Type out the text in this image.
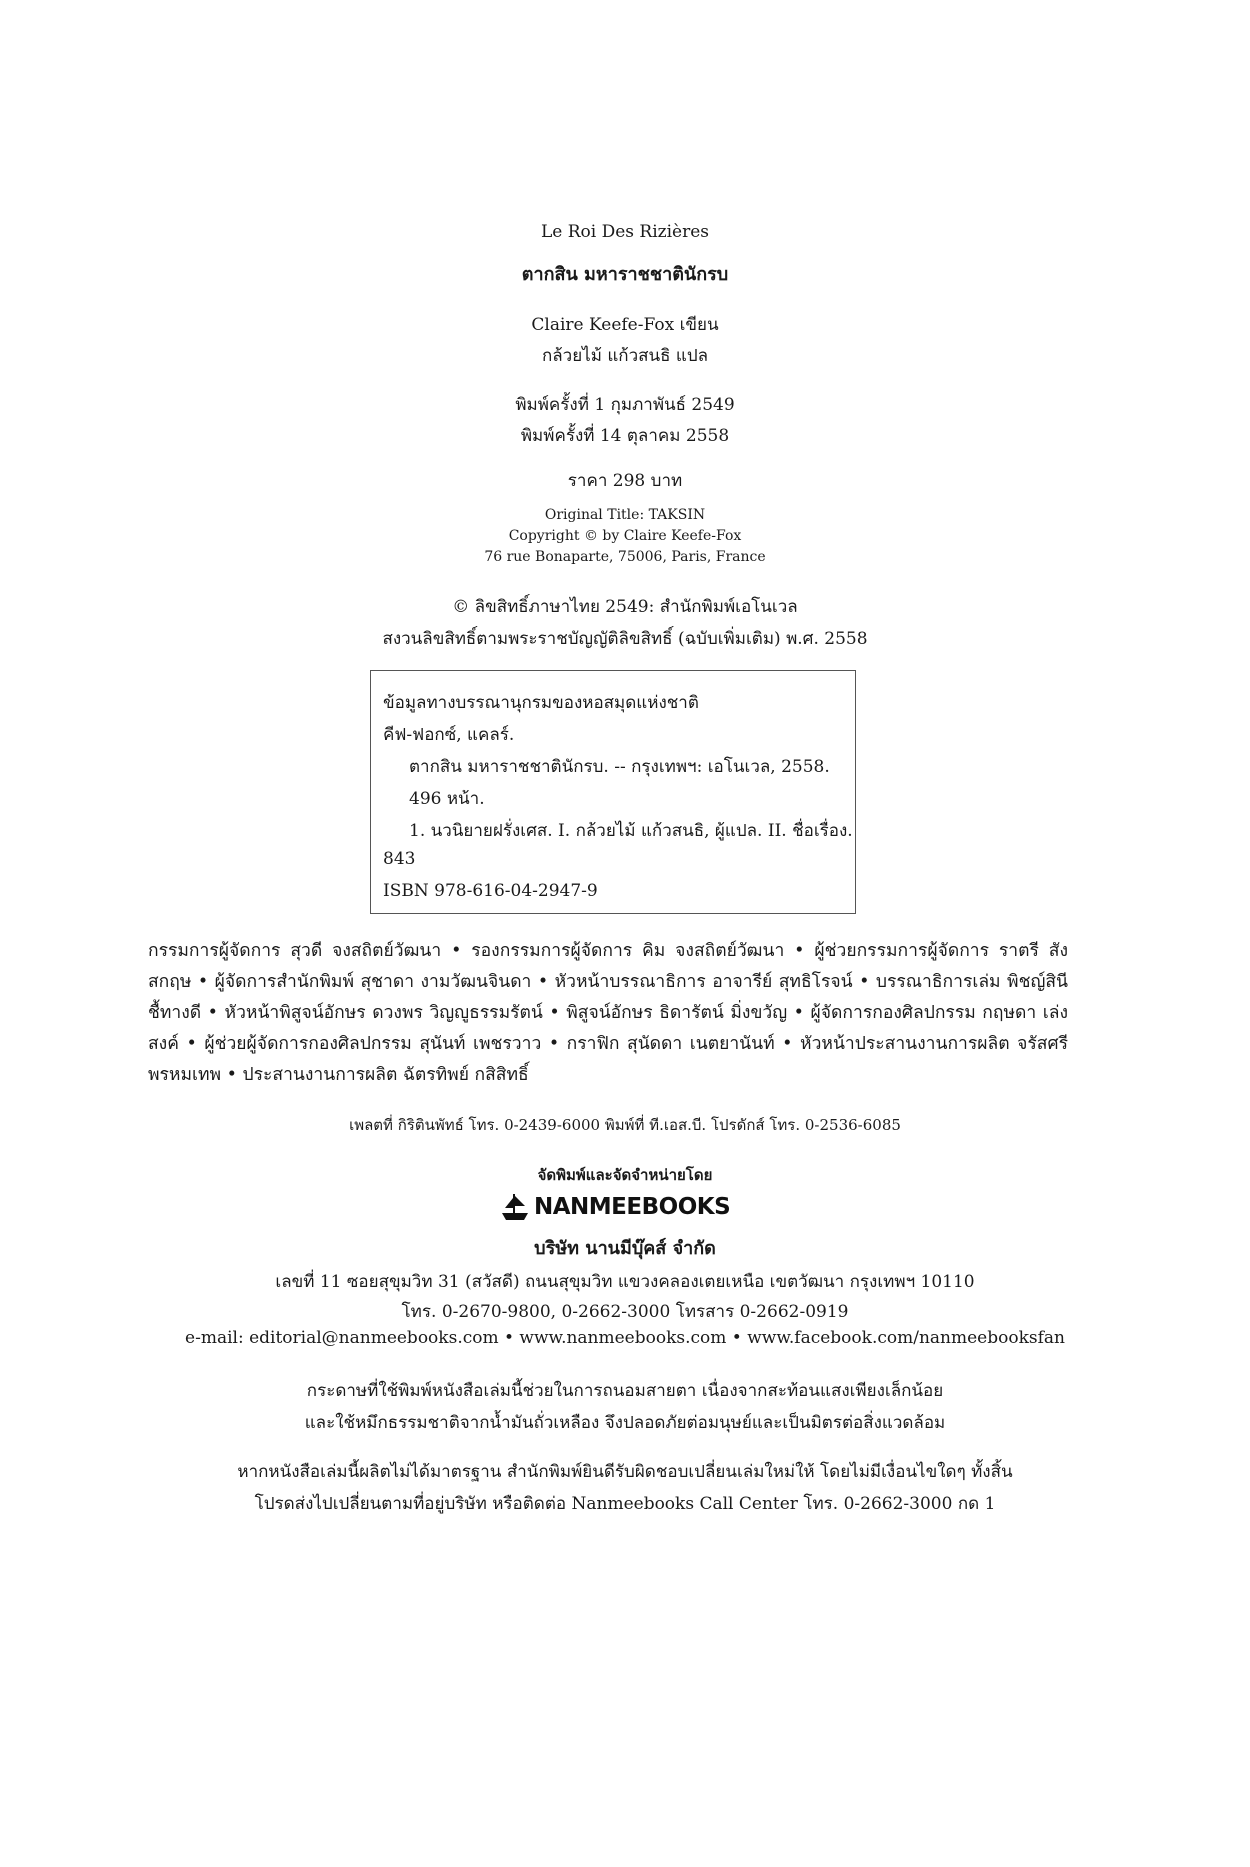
Le Roi Des Rizières
ตากสิน มหาราชชาตินักรบ
Claire Keefe-Fox เขียน
กล้วยไม้ แก้วสนธิ แปล
พิมพ์ครั้งที่ 1 กุมภาพันธ์ 2549
พิมพ์ครั้งที่ 14 ตุลาคม 2558
ราคา 298 บาท
Original Title: TAKSIN
Copyright © by Claire Keefe-Fox
76 rue Bonaparte, 75006, Paris, France
© ลิขสิทธิ์ภาษาไทย 2549: สำนักพิมพ์เอโนเวล
สงวนลิขสิทธิ์ตามพระราชบัญญัติลิขสิทธิ์ (ฉบับเพิ่มเติม) พ.ศ. 2558
ข้อมูลทางบรรณานุกรมของหอสมุดแห่งชาติ
คีฟ-ฟอกซ์, แคลร์.
ตากสิน มหาราชชาตินักรบ. -- กรุงเทพฯ: เอโนเวล, 2558.
496 หน้า.
1. นวนิยายฝรั่งเศส. I. กล้วยไม้ แก้วสนธิ, ผู้แปล. II. ชื่อเรื่อง.
843
ISBN 978-616-04-2947-9
กรรมการผู้จัดการ สุวดี จงสถิตย์วัฒนา • รองกรรมการผู้จัดการ คิม จงสถิตย์วัฒนา • ผู้ช่วยกรรมการผู้จัดการ ราตรี สังสกฤษ • ผู้จัดการสำนักพิมพ์ สุชาดา งามวัฒนจินดา • หัวหน้าบรรณาธิการ อาจารีย์ สุทธิโรจน์ • บรรณาธิการเล่ม พิชญ์สินี ชื้ทางดี • หัวหน้าพิสูจน์อักษร ดวงพร วิญญูธรรมรัตน์ • พิสูจน์อักษร ธิดารัตน์ มิ่งขวัญ • ผู้จัดการกองศิลปกรรม กฤษดา เล่งสงค์ • ผู้ช่วยผู้จัดการกองศิลปกรรม สุนันท์ เพชรวาว • กราฟิก สุนัดดา เนตยานันท์ • หัวหน้าประสานงานการผลิต จรัสศรี พรหมเทพ • ประสานงานการผลิต ฉัตรทิพย์ กสิสิทธิ์
เพลตที่ กิริตินพัทธ์ โทร. 0-2439-6000 พิมพ์ที่ ที.เอส.บี. โปรดักส์ โทร. 0-2536-6085
จัดพิมพ์และจัดจำหน่ายโดย
NANMEEBOOKS
บริษัท นานมีบุ๊คส์ จำกัด
เลขที่ 11 ซอยสุขุมวิท 31 (สวัสดี) ถนนสุขุมวิท แขวงคลองเตยเหนือ เขตวัฒนา กรุงเทพฯ 10110
โทร. 0-2670-9800, 0-2662-3000 โทรสาร 0-2662-0919
e-mail: editorial@nanmeebooks.com • www.nanmeebooks.com • www.facebook.com/nanmeebooksfan
กระดาษที่ใช้พิมพ์หนังสือเล่มนี้ช่วยในการถนอมสายตา เนื่องจากสะท้อนแสงเพียงเล็กน้อย
และใช้หมึกธรรมชาติจากน้ำมันถั่วเหลือง จึงปลอดภัยต่อมนุษย์และเป็นมิตรต่อสิ่งแวดล้อม
หากหนังสือเล่มนี้ผลิตไม่ได้มาตรฐาน สำนักพิมพ์ยินดีรับผิดชอบเปลี่ยนเล่มใหม่ให้ โดยไม่มีเงื่อนไขใดๆ ทั้งสิ้น
โปรดส่งไปเปลี่ยนตามที่อยู่บริษัท หรือติดต่อ Nanmeebooks Call Center โทร. 0-2662-3000 กด 1
